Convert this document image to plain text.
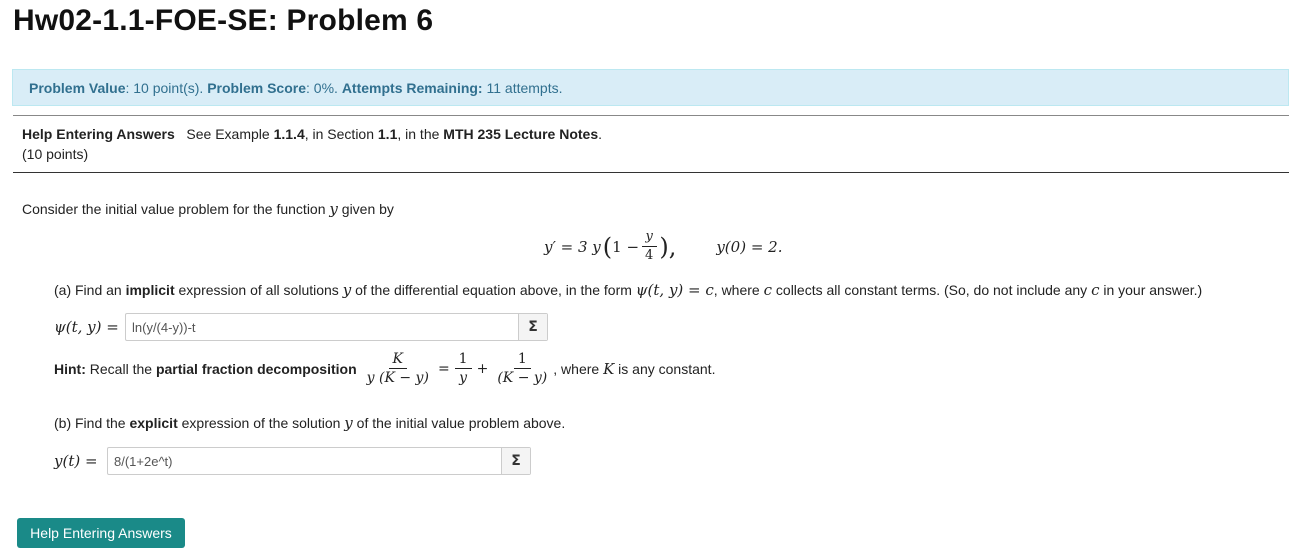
Hw02-1.1-FOE-SE: Problem 6
Problem Value: 10 point(s). Problem Score: 0%. Attempts Remaining: 11 attempts.
Help Entering Answers See Example 1.1.4, in Section 1.1, in the MTH 235 Lecture Notes.
(10 points)
Consider the initial value problem for the function y given by
y′ = 3 y ( $1 - \frac{y}{4}$ ),	y(0) = 2.
(a) Find an implicit expression of all solutions y of the differential equation above, in the form ψ(t, y) = c, where c collects all constant terms. (So, do not include any c in your answer.)
ψ(t, y) =
ln(y/(4-y))-t	Σ
Hint: Recall the partial fraction decomposition $\frac{K}{y (K - y)} = \frac{1}{y} + \frac{1}{(K - y)}$ , where K is any constant.
(b) Find the explicit expression of the solution y of the initial value problem above.
y(t) =
8/(1+2e^t)	Σ
Help Entering Answers
